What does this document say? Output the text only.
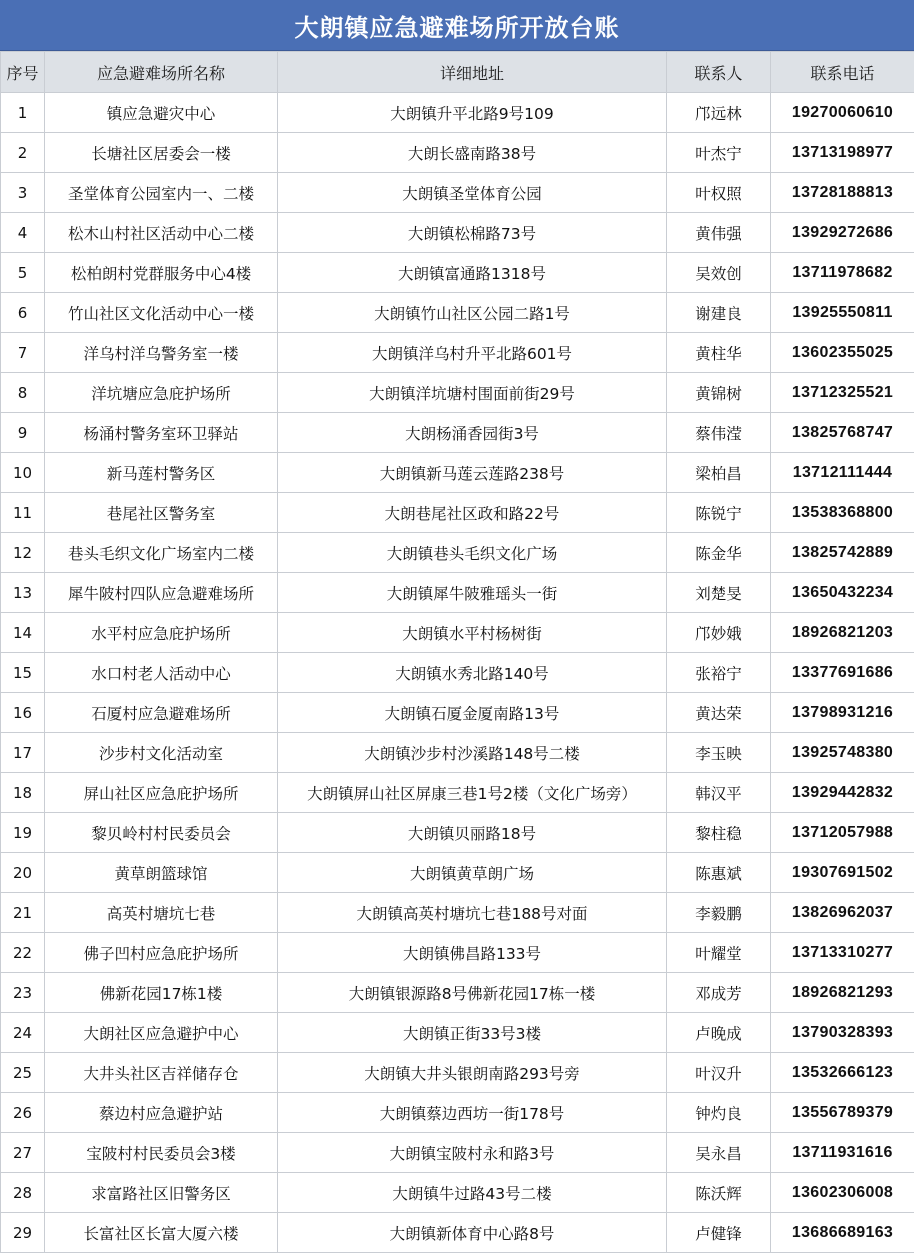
大朗镇应急避难场所开放台账
序号	应急避难场所名称	详细地址	联系人	联系电话
1	镇应急避灾中心	大朗镇升平北路9号109	邝远林	19270060610
2	长塘社区居委会一楼	大朗长盛南路38号	叶杰宁	13713198977
3	圣堂体育公园室内一、二楼	大朗镇圣堂体育公园	叶权照	13728188813
4	松木山村社区活动中心二楼	大朗镇松棉路73号	黄伟强	13929272686
5	松柏朗村党群服务中心4楼	大朗镇富通路1318号	吴效创	13711978682
6	竹山社区文化活动中心一楼	大朗镇竹山社区公园二路1号	谢建良	13925550811
7	洋乌村洋乌警务室一楼	大朗镇洋乌村升平北路601号	黄柱华	13602355025
8	洋坑塘应急庇护场所	大朗镇洋坑塘村围面前街29号	黄锦树	13712325521
9	杨涌村警务室环卫驿站	大朗杨涌香园街3号	蔡伟滢	13825768747
10	新马莲村警务区	大朗镇新马莲云莲路238号	梁柏昌	13712111444
11	巷尾社区警务室	大朗巷尾社区政和路22号	陈锐宁	13538368800
12	巷头毛织文化广场室内二楼	大朗镇巷头毛织文化广场	陈金华	13825742889
13	犀牛陂村四队应急避难场所	大朗镇犀牛陂雅瑶头一街	刘楚旻	13650432234
14	水平村应急庇护场所	大朗镇水平村杨树街	邝妙娥	18926821203
15	水口村老人活动中心	大朗镇水秀北路140号	张裕宁	13377691686
16	石厦村应急避难场所	大朗镇石厦金厦南路13号	黄达荣	13798931216
17	沙步村文化活动室	大朗镇沙步村沙溪路148号二楼	李玉映	13925748380
18	屏山社区应急庇护场所	大朗镇屏山社区屏康三巷1号2楼（文化广场旁）	韩汉平	13929442832
19	黎贝岭村村民委员会	大朗镇贝丽路18号	黎柱稳	13712057988
20	黄草朗篮球馆	大朗镇黄草朗广场	陈惠斌	19307691502
21	高英村塘坑七巷	大朗镇高英村塘坑七巷188号对面	李毅鹏	13826962037
22	佛子凹村应急庇护场所	大朗镇佛昌路133号	叶耀堂	13713310277
23	佛新花园17栋1楼	大朗镇银源路8号佛新花园17栋一楼	邓成芳	18926821293
24	大朗社区应急避护中心	大朗镇正街33号3楼	卢晚成	13790328393
25	大井头社区吉祥储存仓	大朗镇大井头银朗南路293号旁	叶汉升	13532666123
26	蔡边村应急避护站	大朗镇蔡边西坊一街178号	钟灼良	13556789379
27	宝陂村村民委员会3楼	大朗镇宝陂村永和路3号	吴永昌	13711931616
28	求富路社区旧警务区	大朗镇牛过路43号二楼	陈沃辉	13602306008
29	长富社区长富大厦六楼	大朗镇新体育中心路8号	卢健锋	13686689163
